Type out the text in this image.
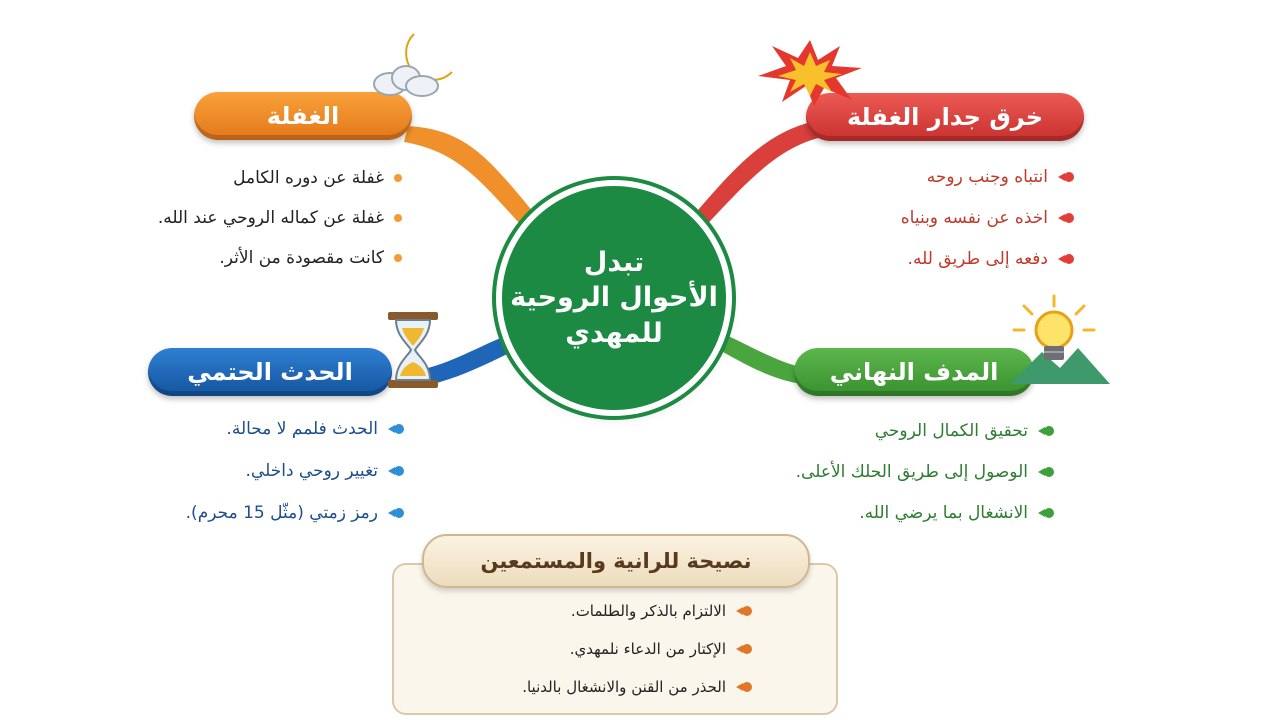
تبدل
الأحوال الروحية
للمهدي
الغفلة
غفلة عن دوره الكامل
غفلة عن كماله الروحي عند الله.
كانت مقصودة من الأثر.
خرق جدار الغفلة
انتباه وجنب روحه
اخذه عن نفسه وبنياه
دفعه إلى طريق لله.
الحدث الحتمي
الحدث فلمم لا محالة.
تغيير روحي داخلي.
رمز زمتي (مثّل 15 محرم).
المدف النهاني
تحقيق الكمال الروحي
الوصول إلى طريق الحلك الأعلى.
الانشغال بما يرضي الله.
نصيحة للرانية والمستمعين
الالتزام بالذكر والطلمات.
الإكتار من الدعاء نلمهدي.
الحذر من القنن والانشغال بالدنيا.
